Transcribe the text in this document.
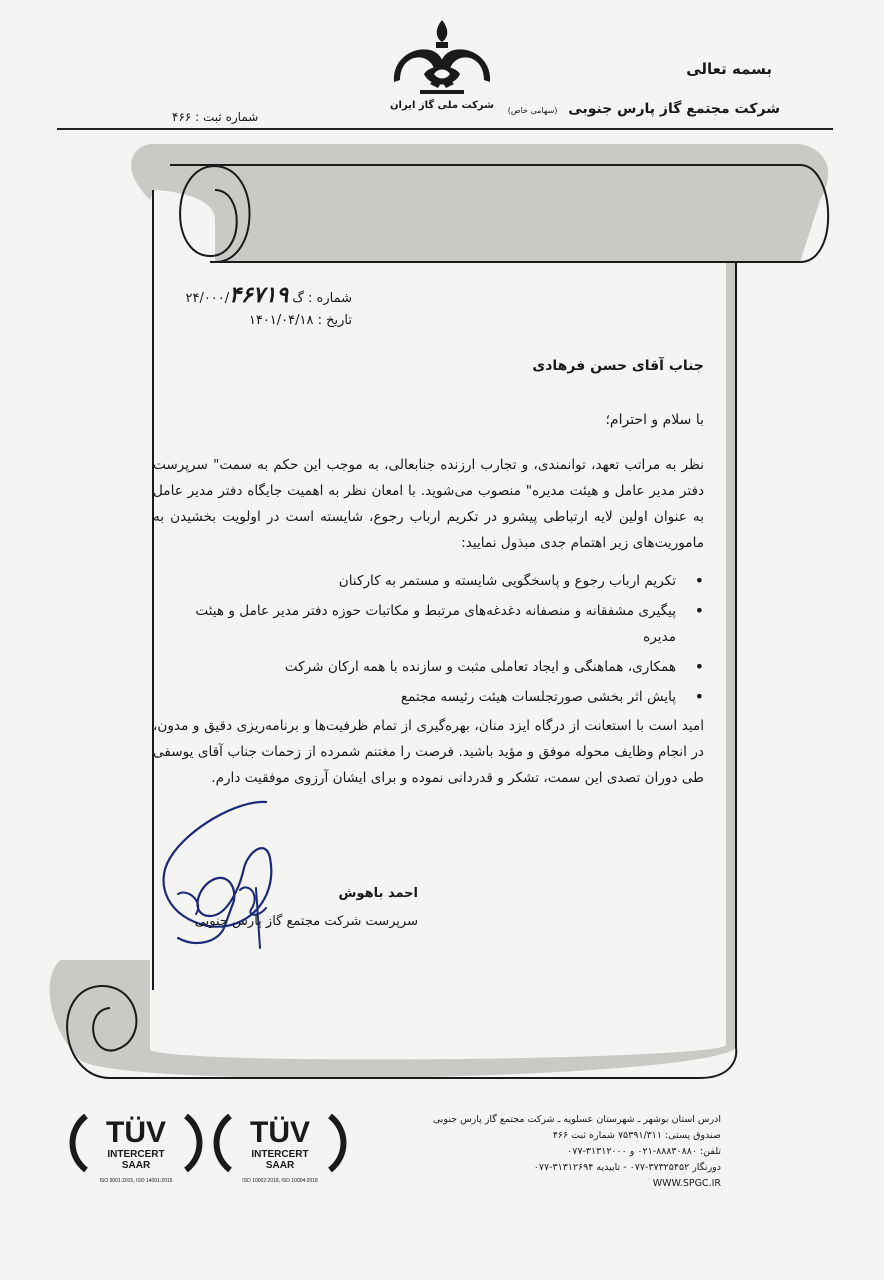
بسمه تعالی
شرکت ملی گاز ایران	شرکت مجتمع گاز پارس جنوبی (سهامی خاص)
شماره ثبت : ۴۶۶
شماره : گ۲۴/۰۰۰/۴۶۷۱۹
تاریخ : ۱۴۰۱/۰۴/۱۸
جناب آقای حسن فرهادی
با سلام و احترام؛
نظر به مراتب تعهد، توانمندی، و تجارب ارزنده جنابعالی، به موجب این حکم به سمت" سرپرست دفتر مدیر عامل و هیئت مدیره" منصوب می‌شوید. با امعان نظر به اهمیت جایگاه دفتر مدیر عامل به عنوان اولین لایه ارتباطی پیشرو در تکریم ارباب رجوع، شایسته است در اولویت بخشیدن به ماموریت‌های زیر اهتمام جدی مبذول نمایید:
• تکریم ارباب رجوع و پاسخگویی شایسته و مستمر به کارکنان
• پیگیری مشفقانه و منصفانه دغدغه‌های مرتبط و مکاتبات حوزه دفتر مدیر عامل و هیئت مدیره
• همکاری، هماهنگی و ایجاد تعاملی مثبت و سازنده با همه ارکان شرکت
• پایش اثر بخشی صورتجلسات هیئت رئیسه مجتمع
امید است با استعانت از درگاه ایزد منان، بهره‌گیری از تمام ظرفیت‌ها و برنامه‌ریزی دقیق و مدون، در انجام وظایف محوله موفق و مؤید باشید. فرصت را مغتنم شمرده از زحمات جناب آقای یوسفی طی دوران تصدی این سمت، تشکر و قدردانی نموده و برای ایشان آرزوی موفقیت دارم.
احمد باهوش
سرپرست شرکت مجتمع گاز پارس جنوبی
TÜV
INTERCERT
SAAR
ISO 9001:2015, ISO 14001:2015
TÜV
INTERCERT
SAAR
ISO 10002:2018, ISO 10004:2018
ادرس استان بوشهر ـ شهرستان عسلویه ـ شرکت مجتمع گاز پارس جنوبی
صندوق پستی: ۷۵۳۹۱/۳۱۱ شماره ثبت ۴۶۶
تلفن: ۸۸۸۳۰۸۸۰-۰۲۱ و ۳۱۳۱۲۰۰۰-۰۷۷
دورنگار ۳۷۳۲۵۴۵۲-۰۷۷ - تاییدیه ۳۱۳۱۲۶۹۴-۰۷۷
WWW.SPGC.IR
